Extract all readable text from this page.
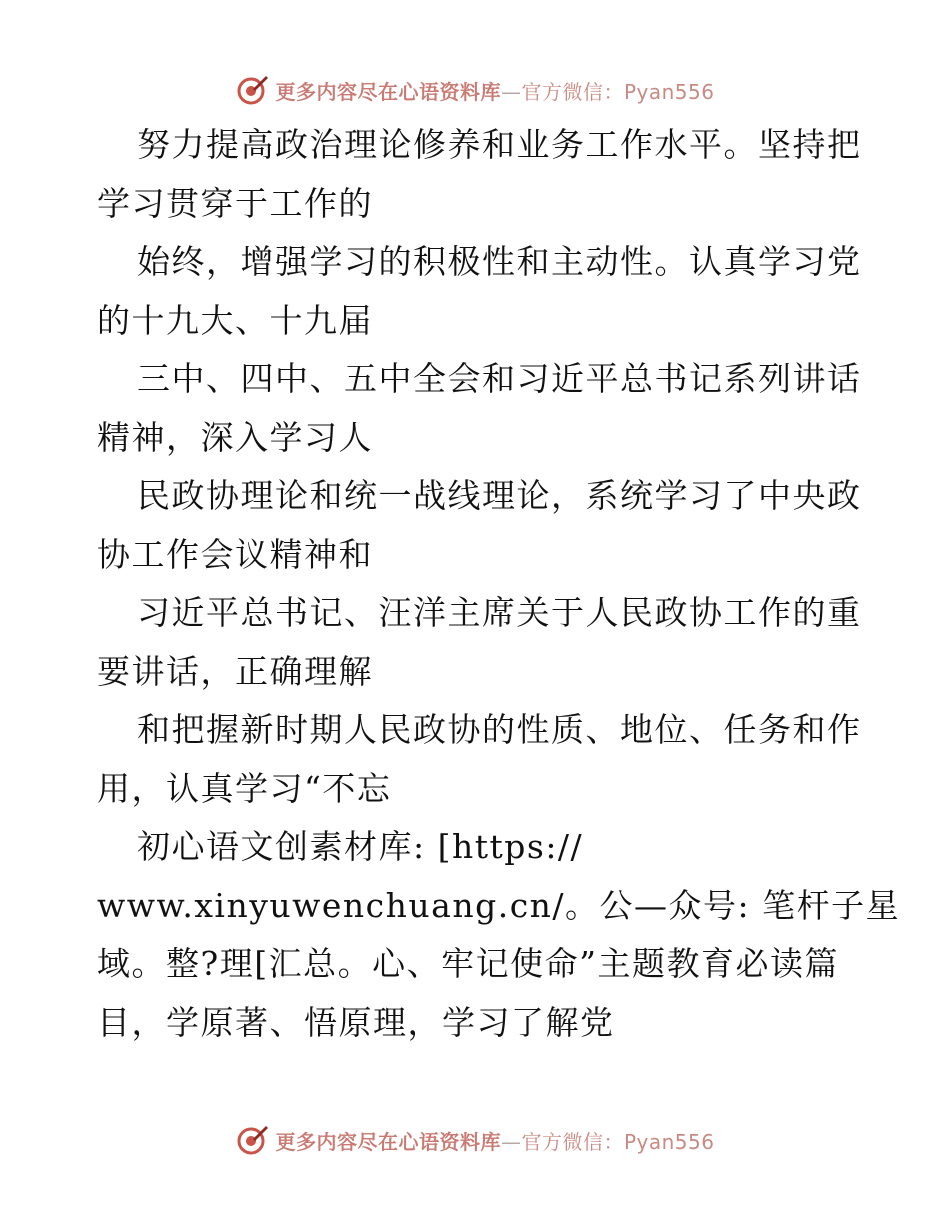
更多内容尽在心语资料库—官方微信：Pyan556
努力提高政治理论修养和业务工作水平。坚持把
学习贯穿于工作的
始终，增强学习的积极性和主动性。认真学习党
的十九大、十九届
三中、四中、五中全会和习近平总书记系列讲话
精神，深入学习人
民政协理论和统一战线理论，系统学习了中央政
协工作会议精神和
习近平总书记、汪洋主席关于人民政协工作的重
要讲话，正确理解
和把握新时期人民政协的性质、地位、任务和作
用，认真学习“不忘
初心语文创素材库: [https://
www.xinyuwenchuang.cn/。公—众号: 笔杆子星
域。整?理[汇总。心、牢记使命”主题教育必读篇
目，学原著、悟原理，学习了解党
更多内容尽在心语资料库—官方微信：Pyan556
